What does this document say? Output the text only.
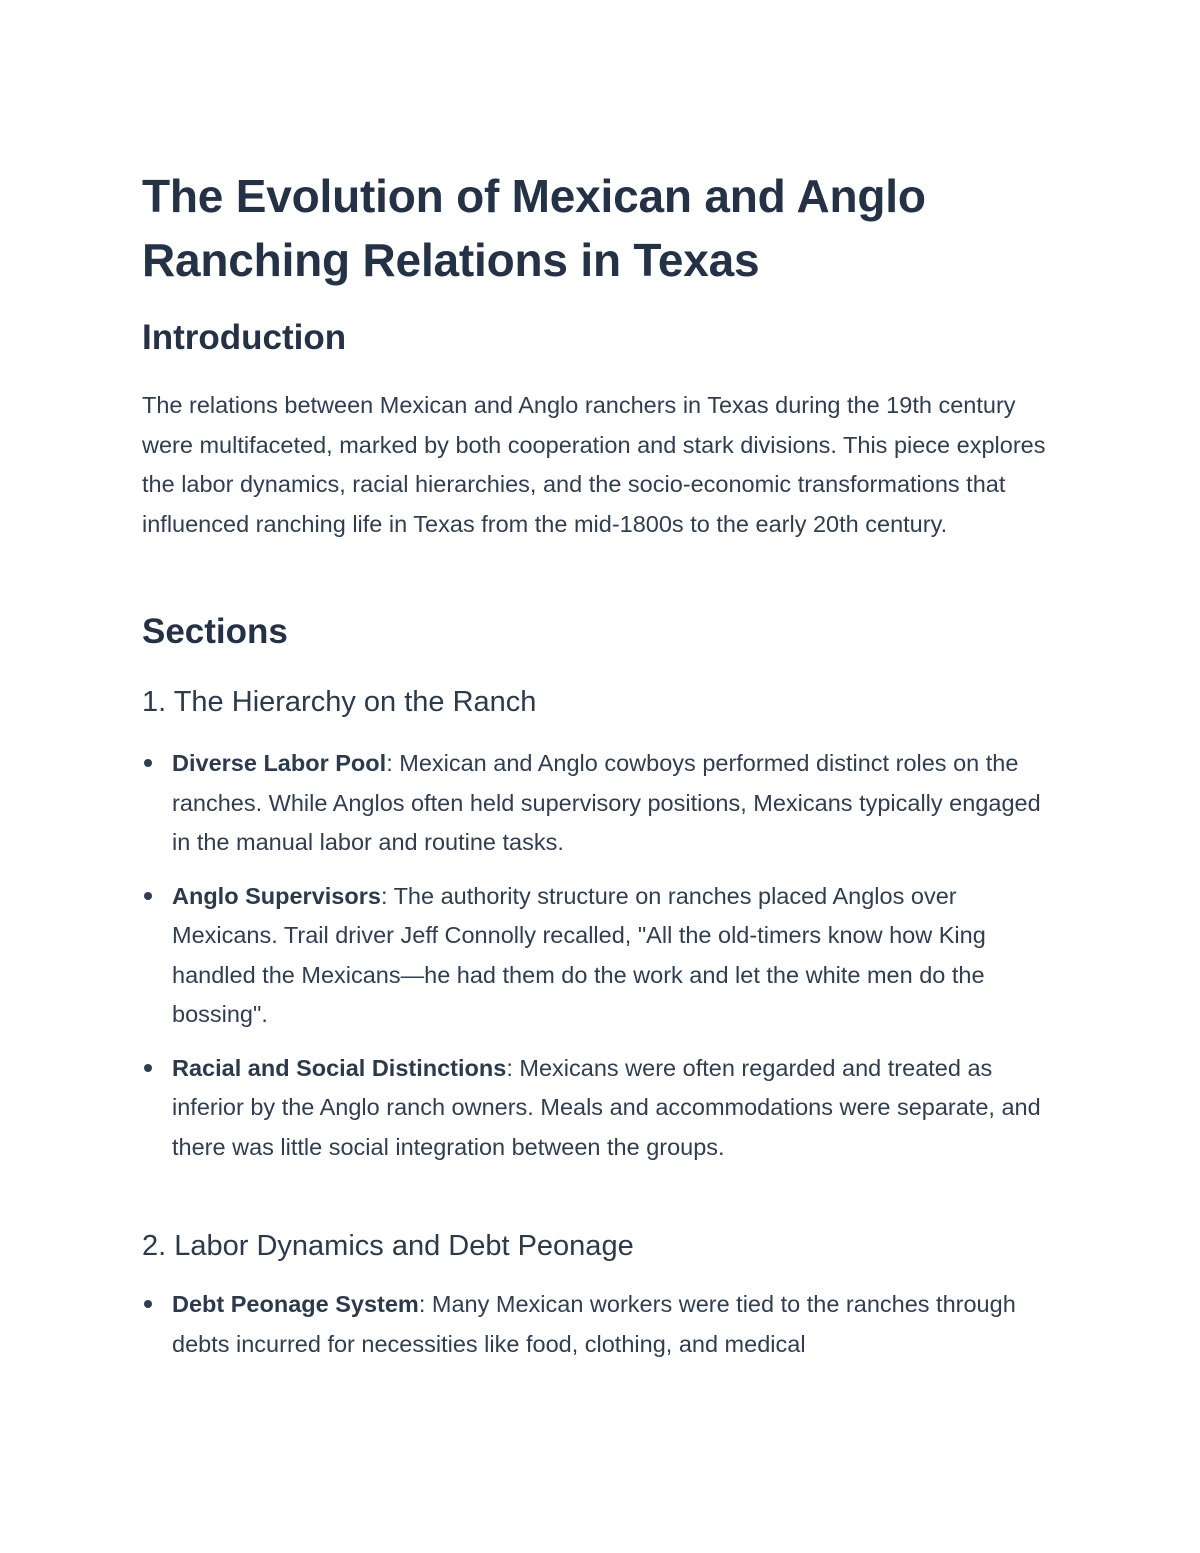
The Evolution of Mexican and Anglo Ranching Relations in Texas
Introduction

The relations between Mexican and Anglo ranchers in Texas during the 19th century were multifaceted, marked by both cooperation and stark divisions. This piece explores the labor dynamics, racial hierarchies, and the socio-economic transformations that influenced ranching life in Texas from the mid-1800s to the early 20th century.

Sections
1. The Hierarchy on the Ranch
Diverse Labor Pool: Mexican and Anglo cowboys performed distinct roles on the ranches. While Anglos often held supervisory positions, Mexicans typically engaged in the manual labor and routine tasks.
Anglo Supervisors: The authority structure on ranches placed Anglos over Mexicans. Trail driver Jeff Connolly recalled, "All the old-timers know how King handled the Mexicans—he had them do the work and let the white men do the bossing".
Racial and Social Distinctions: Mexicans were often regarded and treated as inferior by the Anglo ranch owners. Meals and accommodations were separate, and there was little social integration between the groups.
2. Labor Dynamics and Debt Peonage
Debt Peonage System: Many Mexican workers were tied to the ranches through debts incurred for necessities like food, clothing, and medical
